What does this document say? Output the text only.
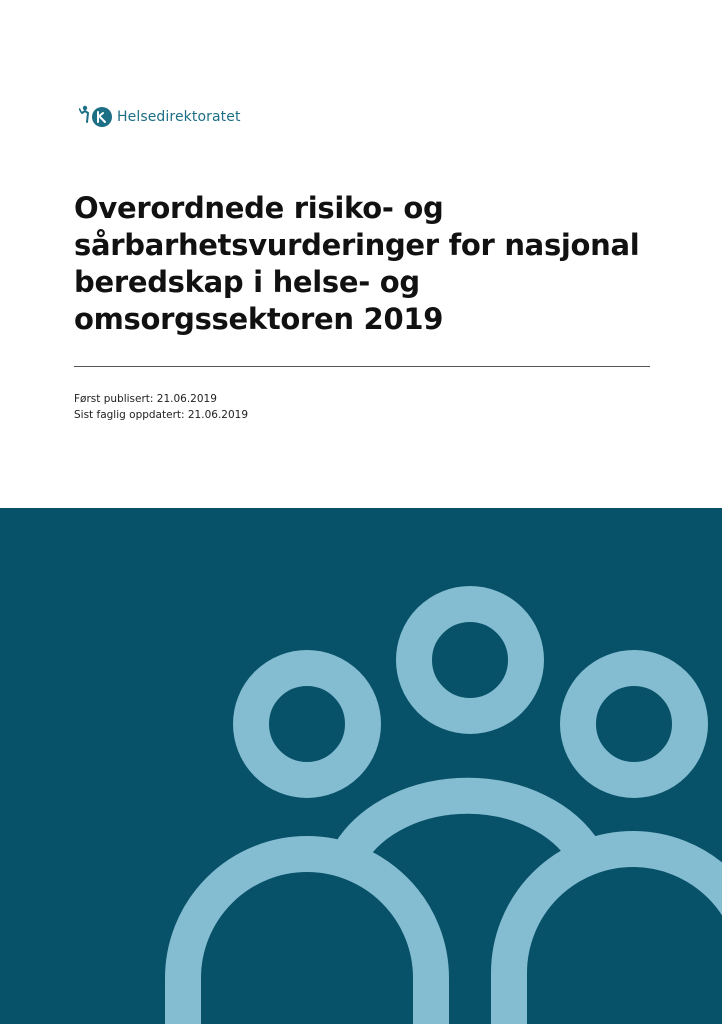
Helsedirektoratet
Overordnede risiko- og
sårbarhetsvurderinger for nasjonal
beredskap i helse- og
omsorgssektoren 2019
Først publisert: 21.06.2019
Sist faglig oppdatert: 21.06.2019
